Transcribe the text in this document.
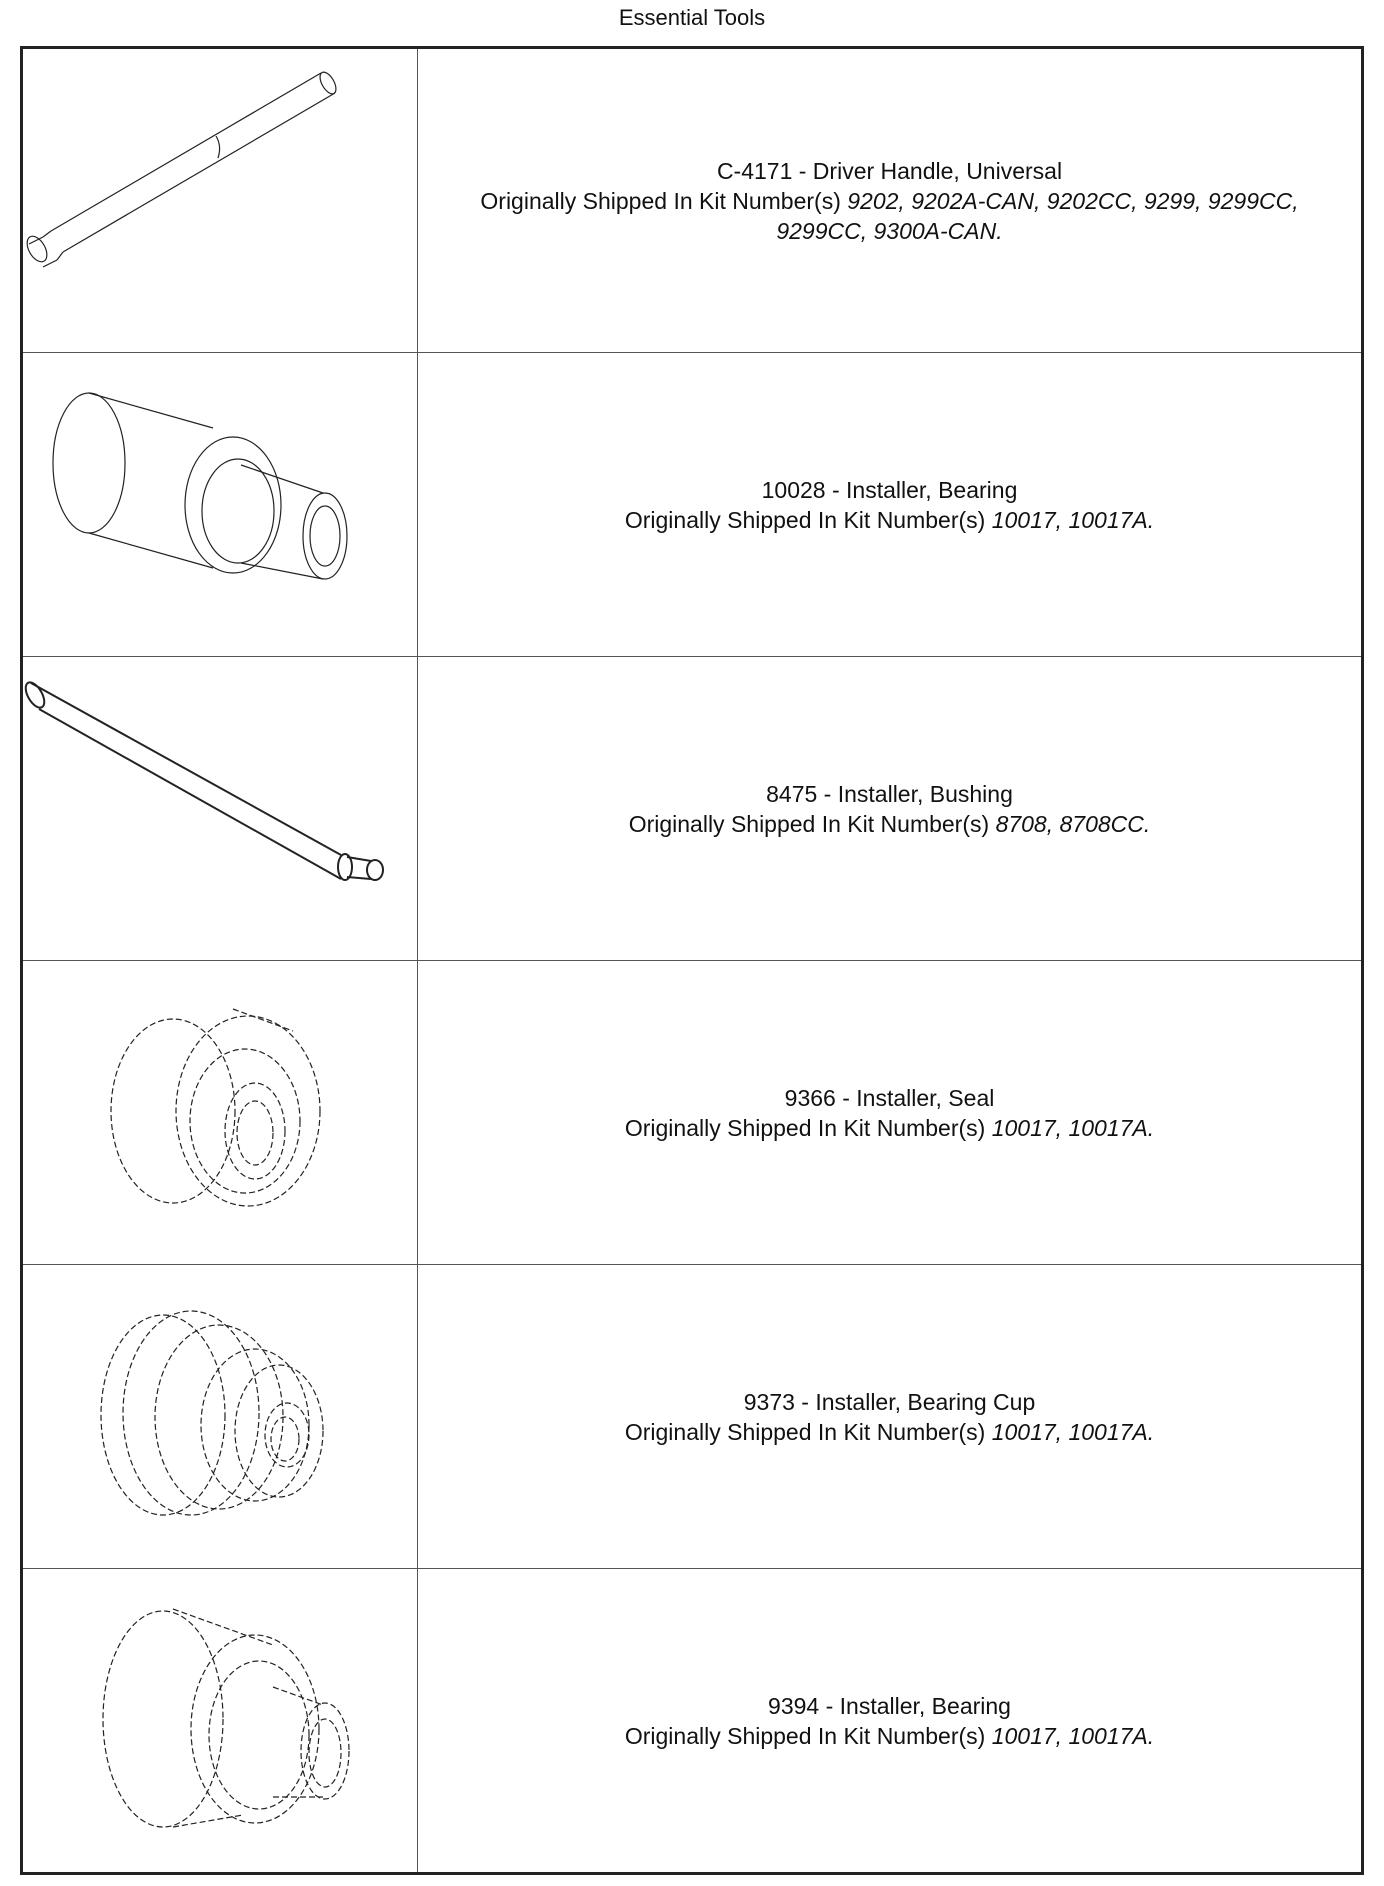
Essential Tools

C-4171 - Driver Handle, Universal
Originally Shipped In Kit Number(s) 9202, 9202A-CAN, 9202CC, 9299, 9299CC,
9299CC, 9300A-CAN.

10028 - Installer, Bearing
Originally Shipped In Kit Number(s) 10017, 10017A.

8475 - Installer, Bushing
Originally Shipped In Kit Number(s) 8708, 8708CC.

9366 - Installer, Seal
Originally Shipped In Kit Number(s) 10017, 10017A.

9373 - Installer, Bearing Cup
Originally Shipped In Kit Number(s) 10017, 10017A.

9394 - Installer, Bearing
Originally Shipped In Kit Number(s) 10017, 10017A.
